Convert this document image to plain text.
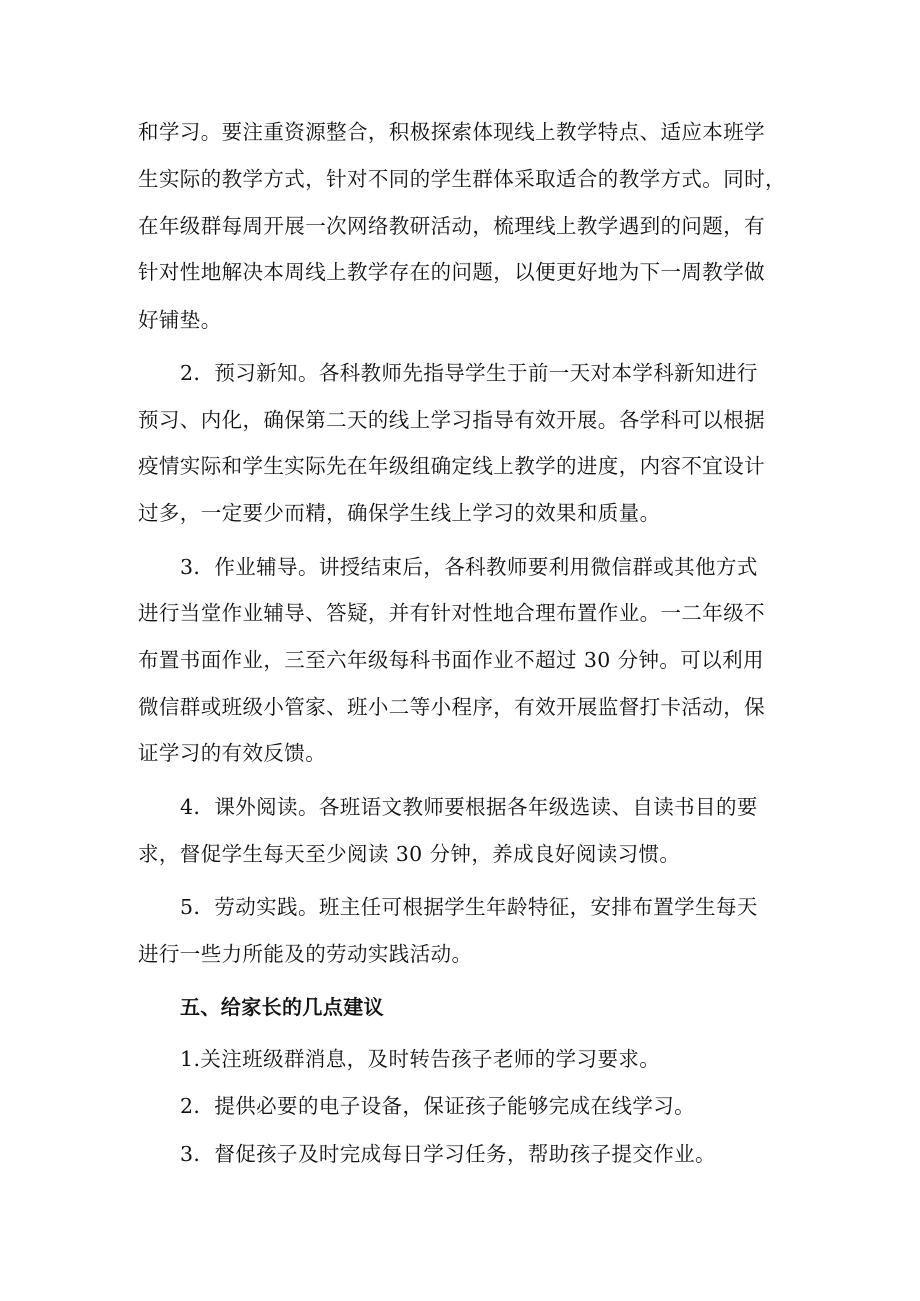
和学习。要注重资源整合，积极探索体现线上教学特点、适应本班学
生实际的教学方式，针对不同的学生群体采取适合的教学方式。同时，
在年级群每周开展一次网络教研活动，梳理线上教学遇到的问题，有
针对性地解决本周线上教学存在的问题，以便更好地为下一周教学做
好铺垫。
2．预习新知。各科教师先指导学生于前一天对本学科新知进行
预习、内化，确保第二天的线上学习指导有效开展。各学科可以根据
疫情实际和学生实际先在年级组确定线上教学的进度，内容不宜设计
过多，一定要少而精，确保学生线上学习的效果和质量。
3．作业辅导。讲授结束后，各科教师要利用微信群或其他方式
进行当堂作业辅导、答疑，并有针对性地合理布置作业。一二年级不
布置书面作业，三至六年级每科书面作业不超过 30 分钟。可以利用
微信群或班级小管家、班小二等小程序，有效开展监督打卡活动，保
证学习的有效反馈。
4．课外阅读。各班语文教师要根据各年级选读、自读书目的要
求，督促学生每天至少阅读 30 分钟，养成良好阅读习惯。
5．劳动实践。班主任可根据学生年龄特征，安排布置学生每天
进行一些力所能及的劳动实践活动。
五、给家长的几点建议
1.关注班级群消息，及时转告孩子老师的学习要求。
2．提供必要的电子设备，保证孩子能够完成在线学习。
3．督促孩子及时完成每日学习任务，帮助孩子提交作业。
